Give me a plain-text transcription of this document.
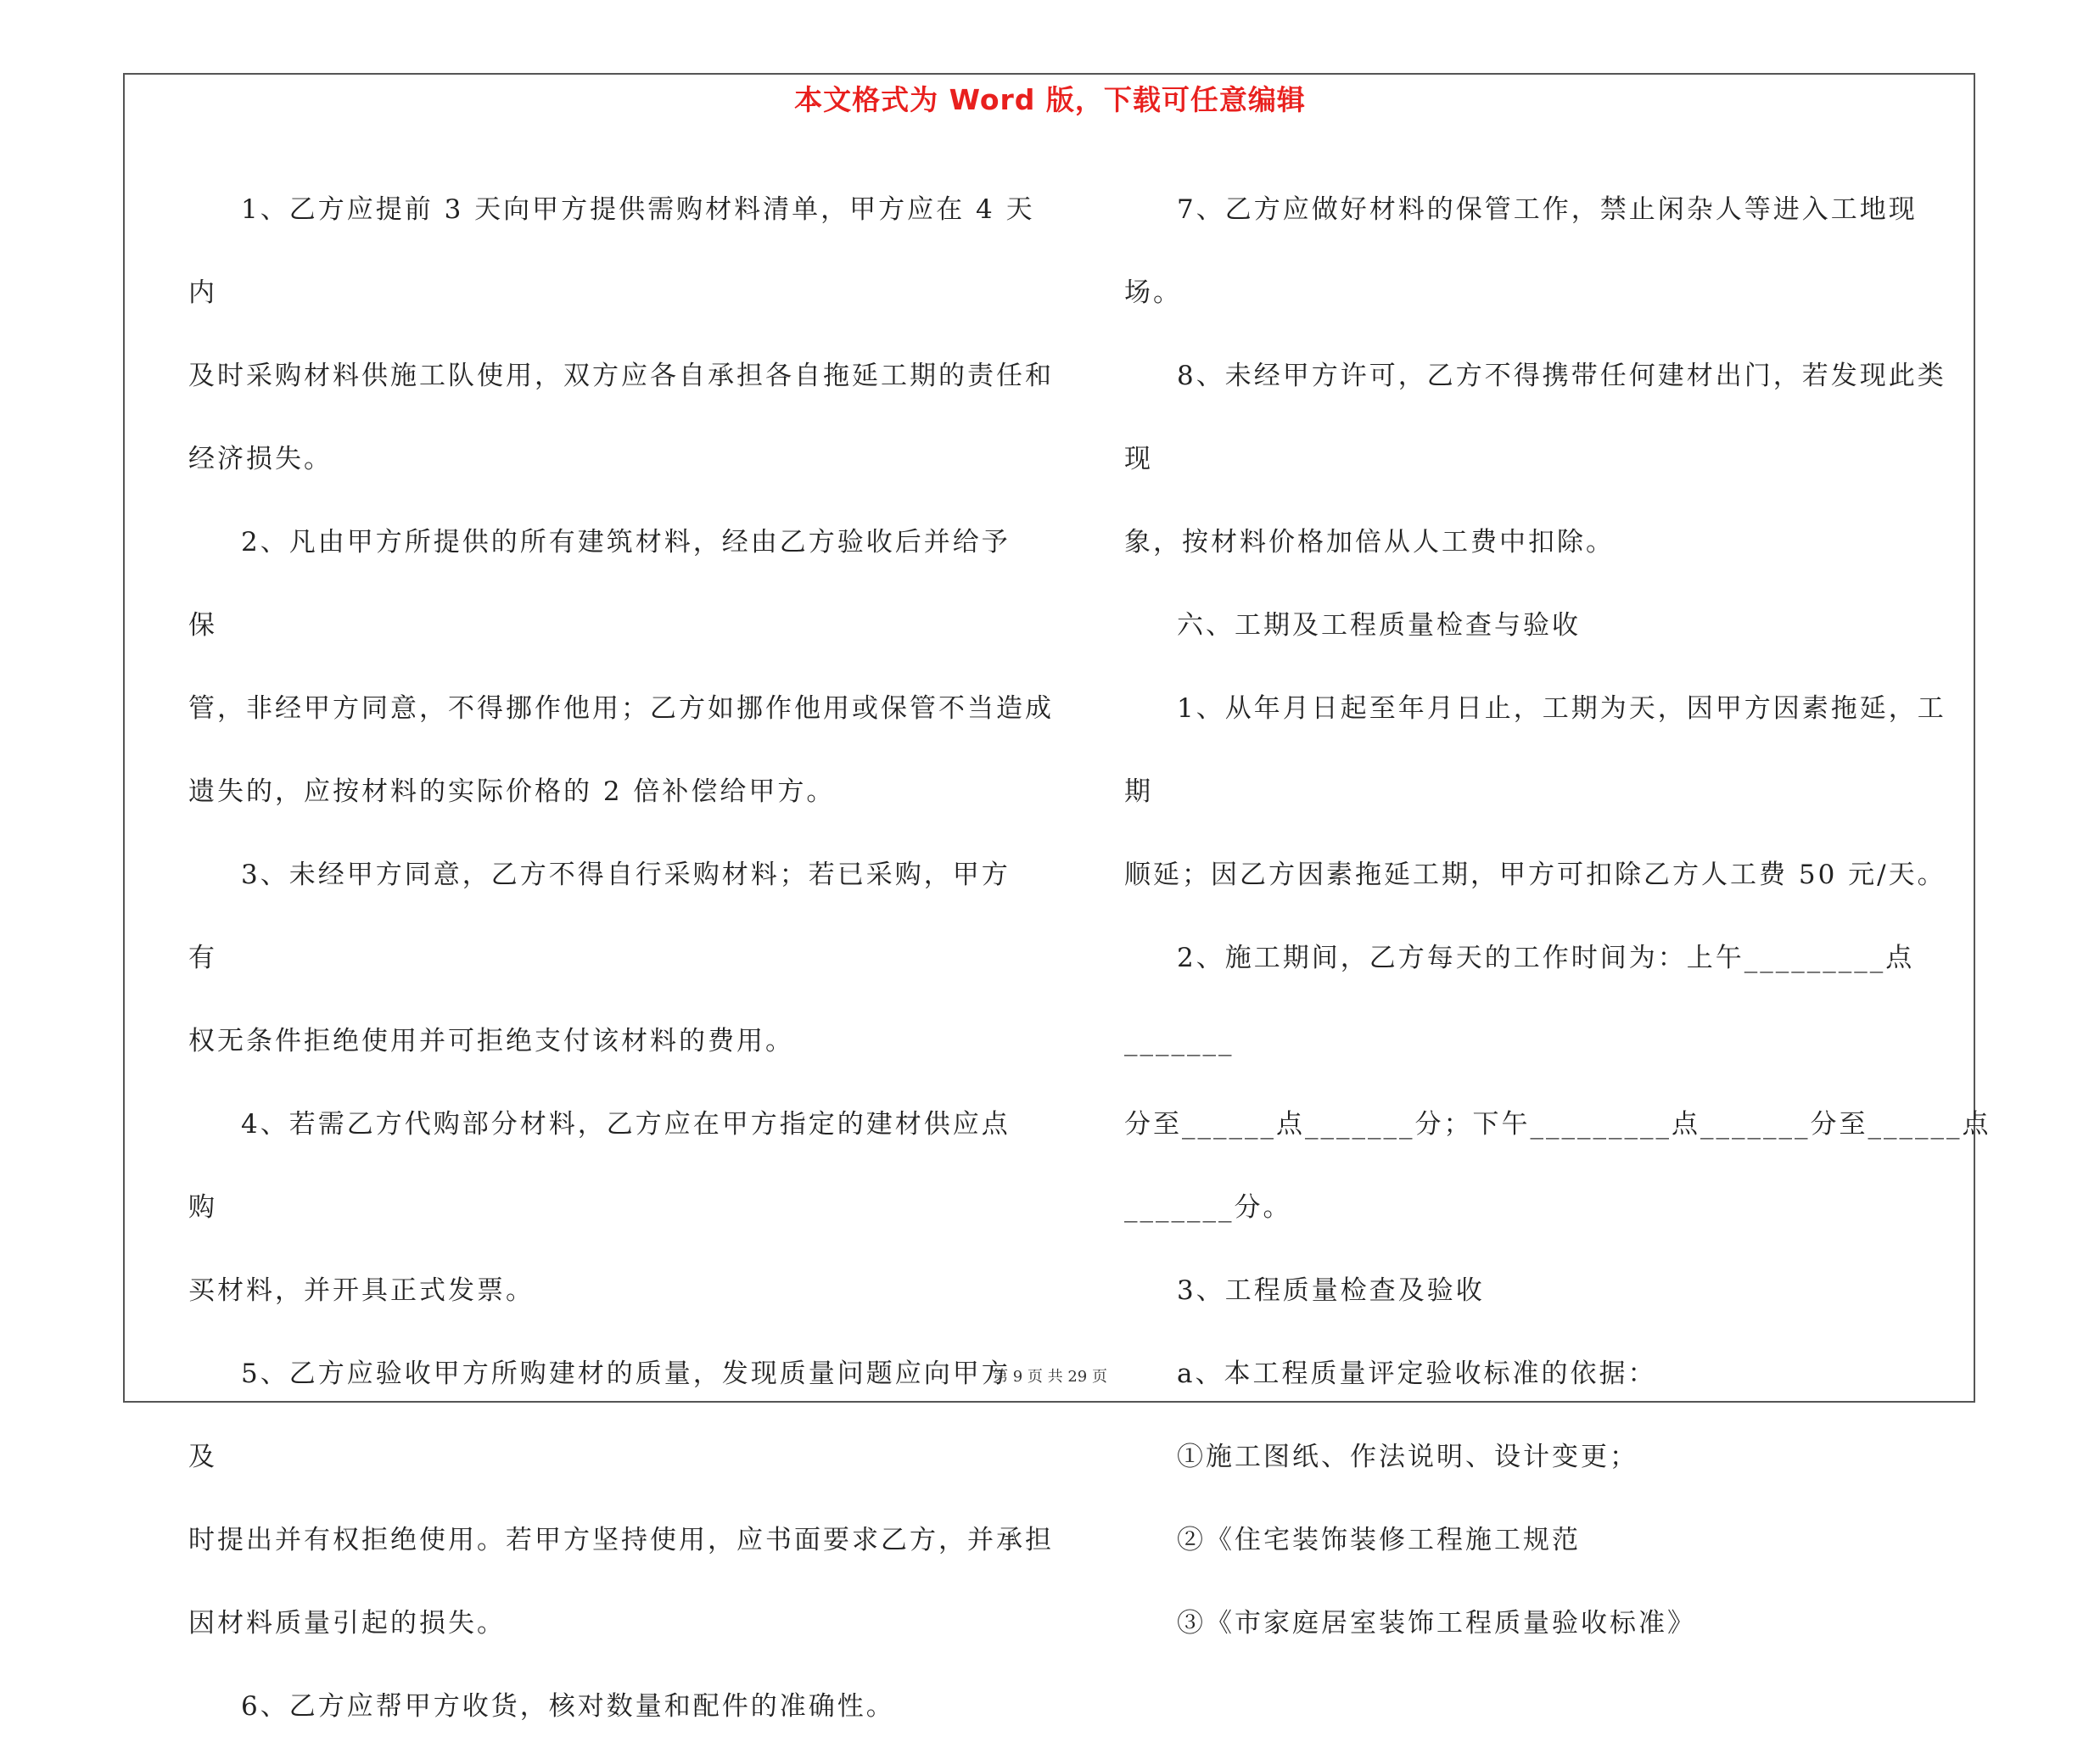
本文格式为 Word 版，下载可任意编辑

1、乙方应提前 3 天向甲方提供需购材料清单，甲方应在 4 天内

及时采购材料供施工队使用，双方应各自承担各自拖延工期的责任和

经济损失。

2、凡由甲方所提供的所有建筑材料，经由乙方验收后并给予保

管，非经甲方同意，不得挪作他用；乙方如挪作他用或保管不当造成

遗失的，应按材料的实际价格的 2 倍补偿给甲方。

3、未经甲方同意，乙方不得自行采购材料；若已采购，甲方有

权无条件拒绝使用并可拒绝支付该材料的费用。

4、若需乙方代购部分材料，乙方应在甲方指定的建材供应点购

买材料，并开具正式发票。

5、乙方应验收甲方所购建材的质量，发现质量问题应向甲方及

时提出并有权拒绝使用。若甲方坚持使用，应书面要求乙方，并承担

因材料质量引起的损失。

6、乙方应帮甲方收货，核对数量和配件的准确性。

7、乙方应做好材料的保管工作，禁止闲杂人等进入工地现场。

8、未经甲方许可，乙方不得携带任何建材出门，若发现此类现

象，按材料价格加倍从人工费中扣除。

六、工期及工程质量检查与验收

1、从年月日起至年月日止，工期为天，因甲方因素拖延，工期

顺延；因乙方因素拖延工期，甲方可扣除乙方人工费 50 元/天。

2、施工期间，乙方每天的工作时间为：上午_________点_______

分至______点_______分；下午_________点_______分至______点

_______分。

3、工程质量检查及验收

a、本工程质量评定验收标准的依据：

①施工图纸、作法说明、设计变更；

②《住宅装饰装修工程施工规范

③《市家庭居室装饰工程质量验收标准》

第 9 页 共 29 页
